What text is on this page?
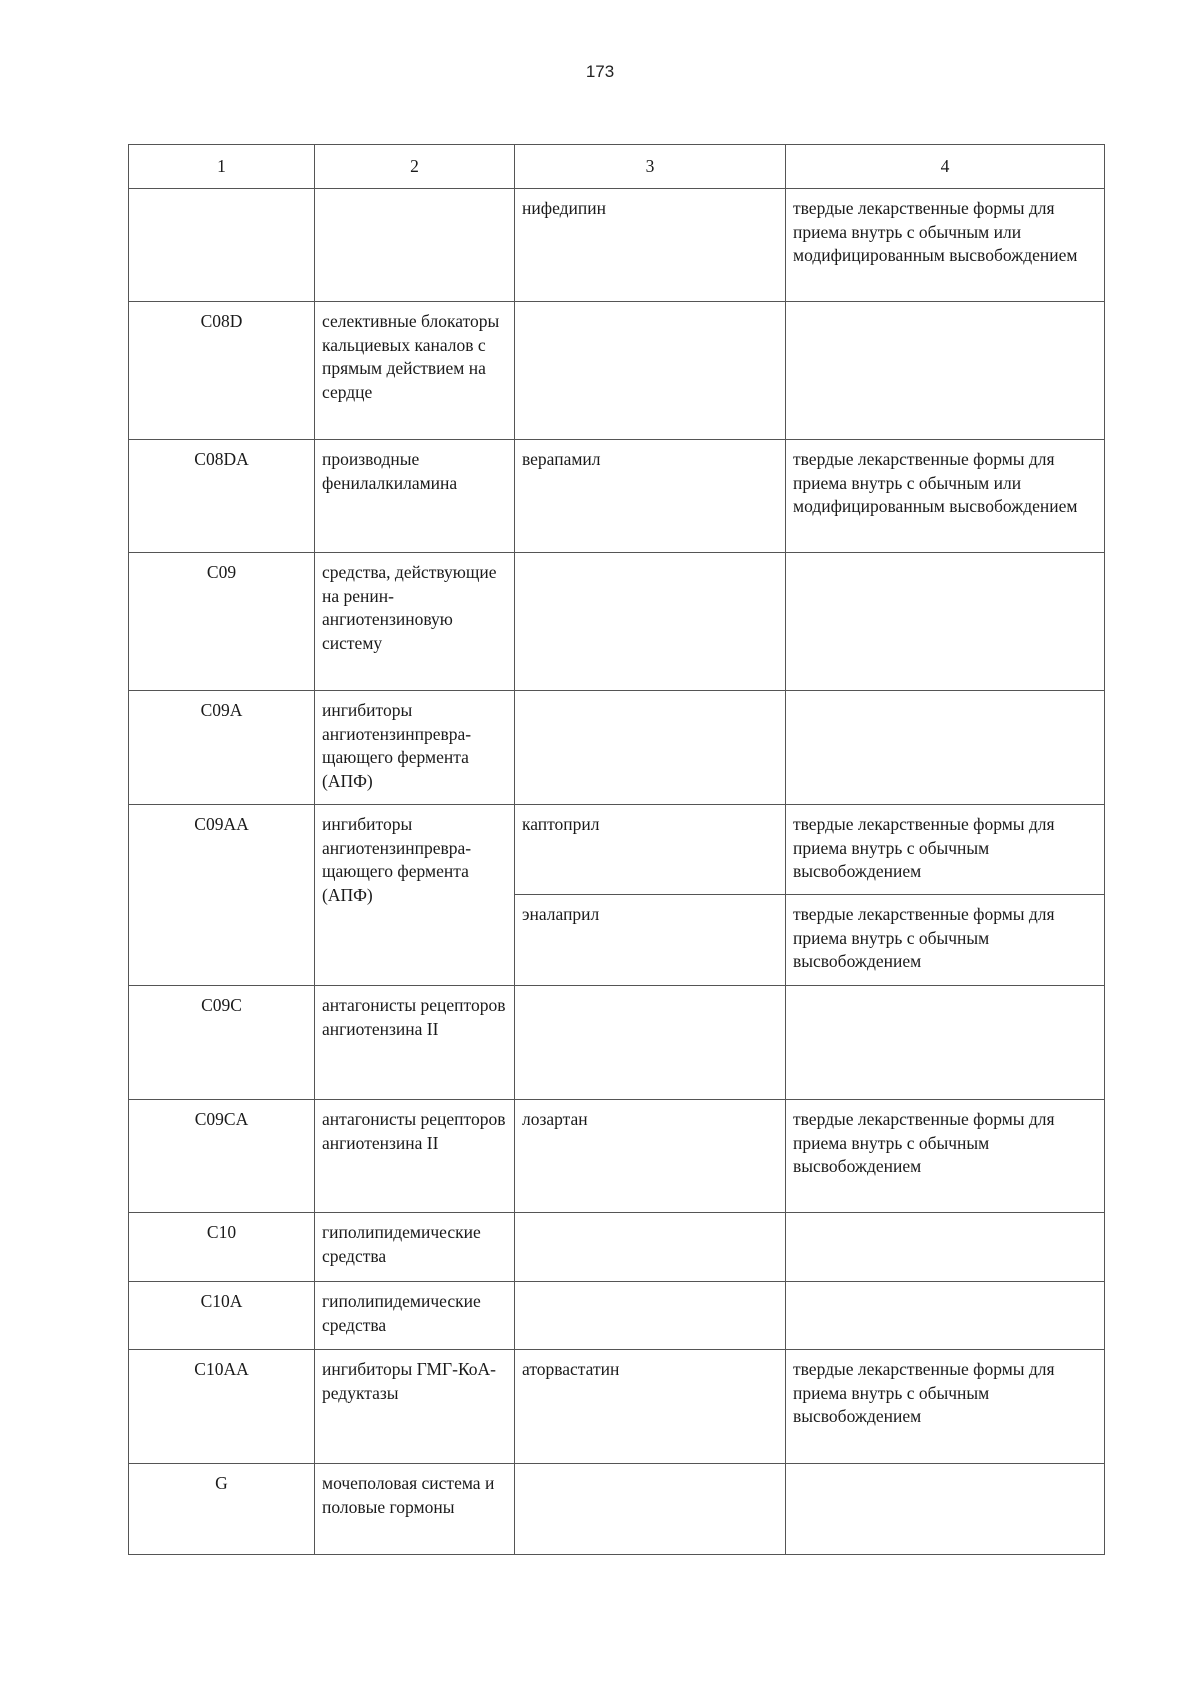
173
1	2	3	4
		нифедипин	твердые лекарственные формы для приема внутрь с обычным или модифицированным высвобождением
C08D	селективные блокаторы кальциевых каналов с прямым действием на сердце		
C08DA	производные фенилалкиламина	верапамил	твердые лекарственные формы для приема внутрь с обычным или модифицированным высвобождением
C09	средства, действующие на ренин-ангиотензиновую систему		
C09A	ингибиторы ангиотензинпревра-щающего фермента (АПФ)		
C09AA	ингибиторы ангиотензинпревра-щающего фермента (АПФ)	каптоприл	твердые лекарственные формы для приема внутрь с обычным высвобождением
		эналаприл	твердые лекарственные формы для приема внутрь с обычным высвобождением
C09C	антагонисты рецепторов ангиотензина II		
C09CA	антагонисты рецепторов ангиотензина II	лозартан	твердые лекарственные формы для приема внутрь с обычным высвобождением
C10	гиполипидемические средства		
C10A	гиполипидемические средства		
C10AA	ингибиторы ГМГ-КоА-редуктазы	аторвастатин	твердые лекарственные формы для приема внутрь с обычным высвобождением
G	мочеполовая система и половые гормоны		
